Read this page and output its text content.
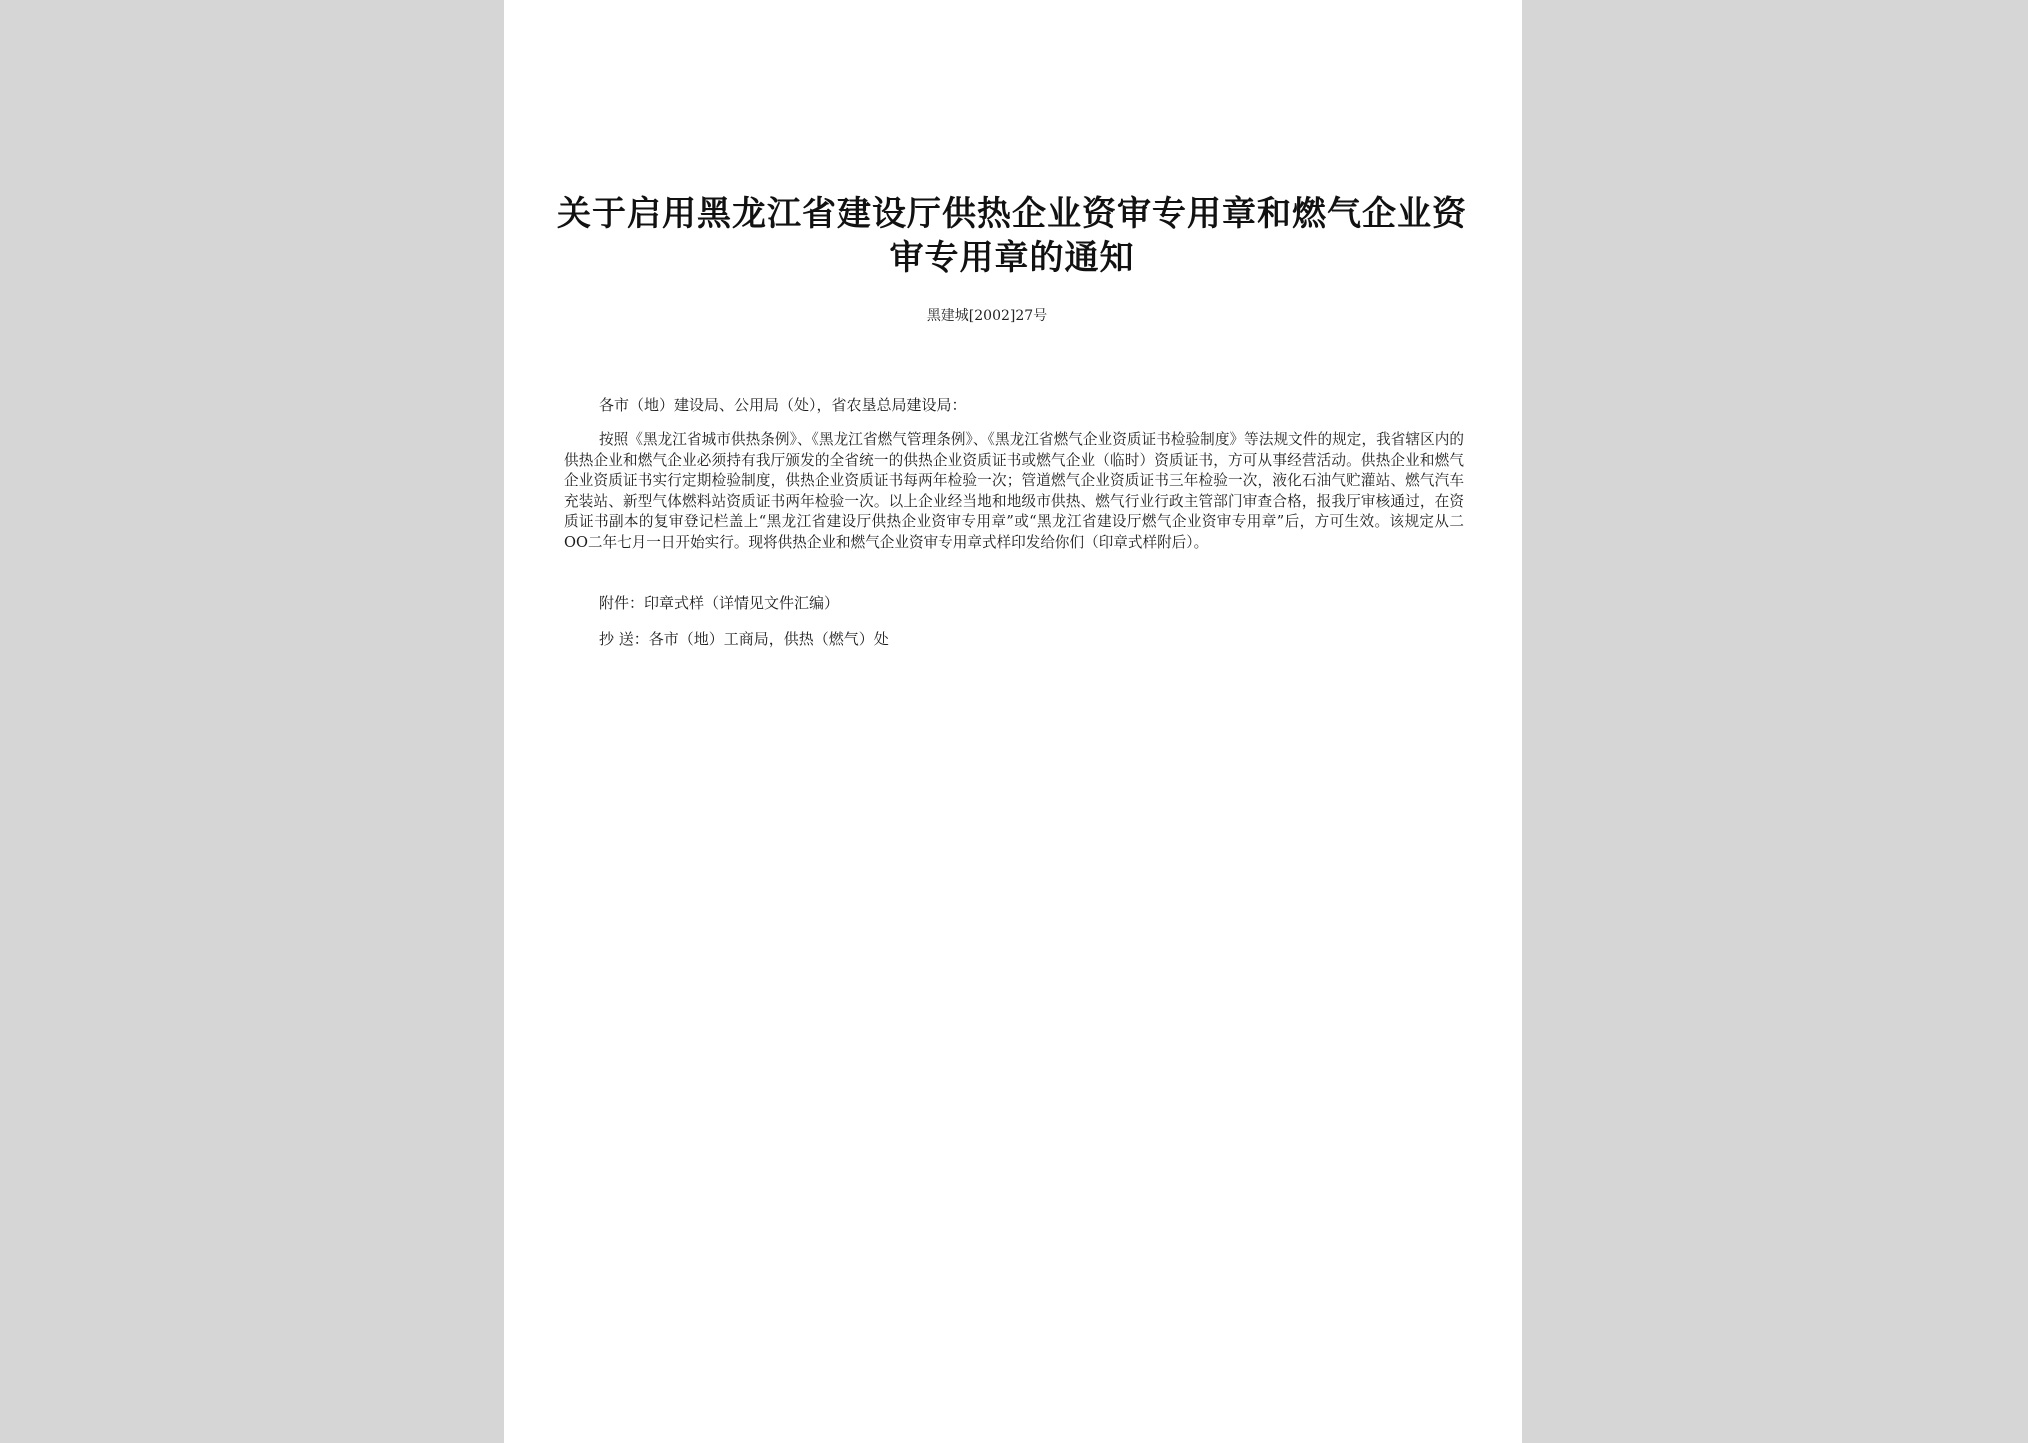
关于启用黑龙江省建设厅供热企业资审专用章和燃气企业资审专用章的通知
黑建城[2002]27号
各市（地）建设局、公用局（处），省农垦总局建设局：
按照《黑龙江省城市供热条例》、《黑龙江省燃气管理条例》、《黑龙江省燃气企业资质证书检验制度》等法规文件的规定，我省辖区内的供热企业和燃气企业必须持有我厅颁发的全省统一的供热企业资质证书或燃气企业（临时）资质证书，方可从事经营活动。供热企业和燃气企业资质证书实行定期检验制度，供热企业资质证书每两年检验一次；管道燃气企业资质证书三年检验一次，液化石油气贮灌站、燃气汽车充装站、新型气体燃料站资质证书两年检验一次。以上企业经当地和地级市供热、燃气行业行政主管部门审查合格，报我厅审核通过，在资质证书副本的复审登记栏盖上“黑龙江省建设厅供热企业资审专用章”或“黑龙江省建设厅燃气企业资审专用章”后，方可生效。该规定从二OO二年七月一日开始实行。现将供热企业和燃气企业资审专用章式样印发给你们（印章式样附后）。
附件：印章式样（详情见文件汇编）
抄 送：各市（地）工商局，供热（燃气）处
